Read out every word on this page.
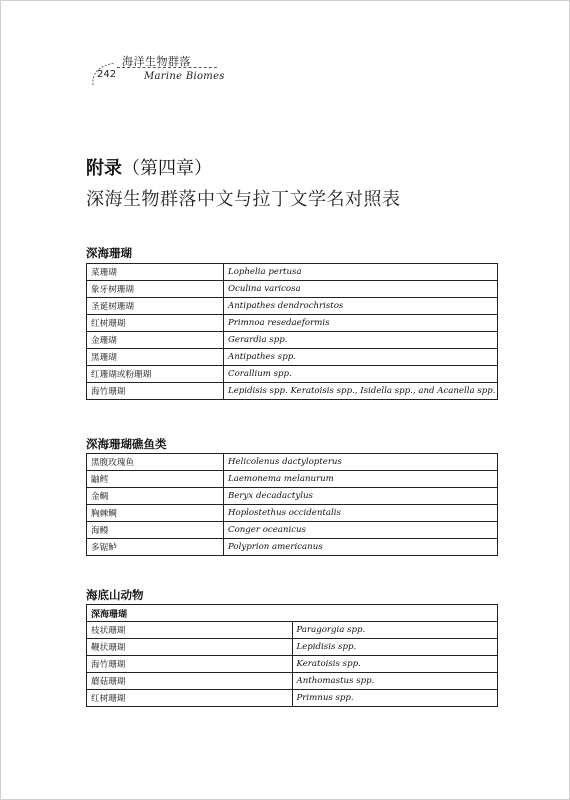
海洋生物群落
242	Marine Biomes
附录（第四章）
深海生物群落中文与拉丁文学名对照表
深海珊瑚
菜珊瑚	Lophelia pertusa
象牙树珊瑚	Oculina varicosa
圣诞树珊瑚	Antipathes dendrochristos
红树珊瑚	Primnoa resedaeformis
金珊瑚	Gerardia spp.
黑珊瑚	Antipathes spp.
红珊瑚或粉珊瑚	Corallium spp.
海竹珊瑚	Lepidisis spp. Keratoisis spp., Isidella spp., and Acanella spp.
深海珊瑚礁鱼类
黑腹玫瑰鱼	Helicolenus dactylopterus
鼬鳕	Laemonema melanurum
金鲷	Beryx decadactylus
胸棘鲷	Hoplostethus occidentalis
海鳗	Conger oceanicus
多锯鲈	Polyprion americanus
海底山动物
深海珊瑚	
枝状珊瑚	Paragorgia spp.
鞭状珊瑚	Lepidisis spp.
海竹珊瑚	Keratoisis spp.
蘑菇珊瑚	Anthomastus spp.
红树珊瑚	Primnus spp.
